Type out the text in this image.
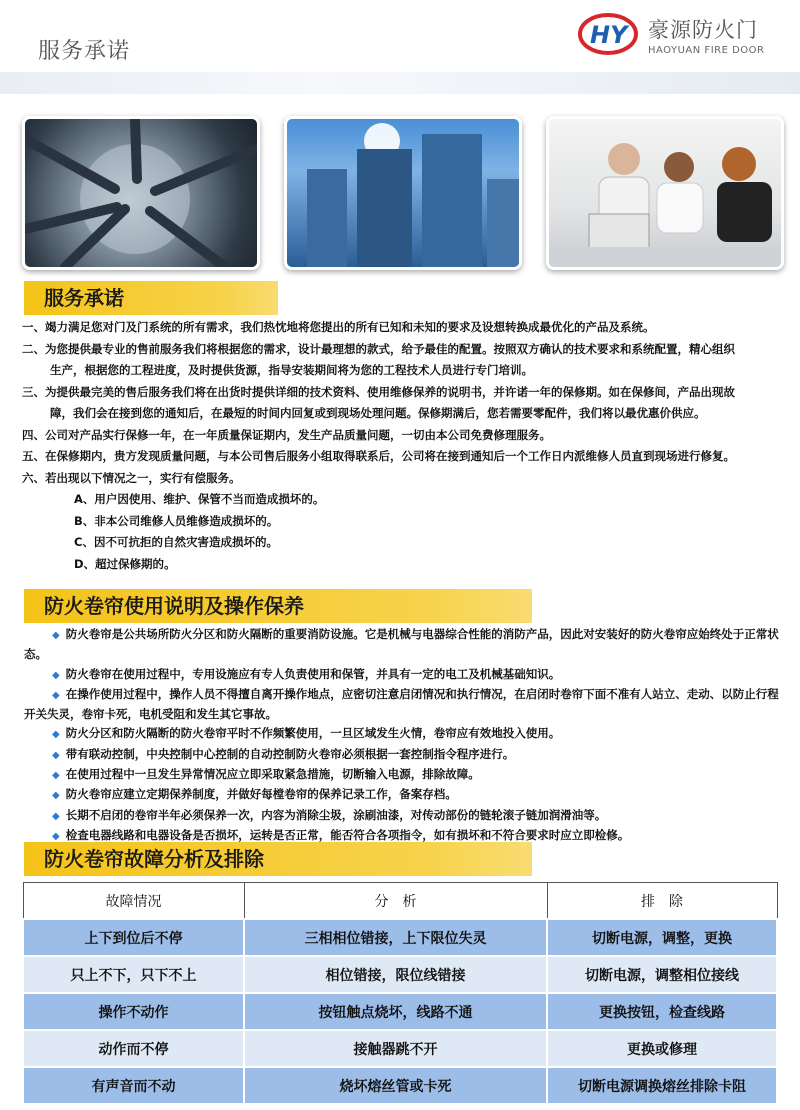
服务承诺
HY 豪源防火门
HAOYUAN FIRE DOOR
服务承诺

一、竭力满足您对门及门系统的所有需求，我们热忱地将您提出的所有已知和未知的要求及设想转换成最优化的产品及系统。

二、为您提供最专业的售前服务我们将根据您的需求，设计最理想的款式，给予最佳的配置。按照双方确认的技术要求和系统配置，精心组织

生产，根据您的工程进度，及时提供货源，指导安装期间将为您的工程技术人员进行专门培训。

三、为提供最完美的售后服务我们将在出货时提供详细的技术资料、使用维修保养的说明书，并许诺一年的保修期。如在保修间，产品出现故

障，我们会在接到您的通知后，在最短的时间内回复或到现场处理问题。保修期满后，您若需要零配件，我们将以最优惠价供应。

四、公司对产品实行保修一年，在一年质量保证期内，发生产品质量问题，一切由本公司免费修理服务。

五、在保修期内，贵方发现质量问题，与本公司售后服务小组取得联系后，公司将在接到通知后一个工作日内派维修人员直到现场进行修复。

六、若出现以下情况之一，实行有偿服务。

A、用户因使用、维护、保管不当而造成损坏的。

B、非本公司维修人员维修造成损坏的。

C、因不可抗拒的自然灾害造成损坏的。

D、超过保修期的。

防火卷帘使用说明及操作保养

◆ 防火卷帘是公共场所防火分区和防火隔断的重要消防设施。它是机械与电器综合性能的消防产品，因此对安装好的防火卷帘应始终处于正常状态。

◆ 防火卷帘在使用过程中，专用设施应有专人负责使用和保管，并具有一定的电工及机械基础知识。

◆ 在操作使用过程中，操作人员不得擅自离开操作地点，应密切注意启闭情况和执行情况，在启闭时卷帘下面不准有人站立、走动、以防止行程开关失灵，卷帘卡死，电机受阻和发生其它事故。

◆ 防火分区和防火隔断的防火卷帘平时不作频繁使用，一旦区域发生火情，卷帘应有效地投入使用。

◆ 带有联动控制，中央控制中心控制的自动控制防火卷帘必须根据一套控制指令程序进行。

◆ 在使用过程中一旦发生异常情况应立即采取紧急措施，切断输入电源，排除故障。

◆ 防火卷帘应建立定期保养制度，并做好每樘卷帘的保养记录工作，备案存档。

◆ 长期不启闭的卷帘半年必须保养一次，内容为消除尘圾，涂刷油漆，对传动部份的链轮滚子链加润滑油等。

◆ 检查电器线路和电器设备是否损坏，运转是否正常，能否符合各项指令，如有损坏和不符合要求时应立即检修。

防火卷帘故障分析及排除
故障情况	分　析	排　除
上下到位后不停	三相相位错接，上下限位失灵	切断电源，调整，更换
只上不下，只下不上	相位错接，限位线错接	切断电源，调整相位接线
操作不动作	按钮触点烧坏，线路不通	更换按钮，检查线路
动作而不停	接触器跳不开	更换或修理
有声音而不动	烧坏熔丝管或卡死	切断电源调换熔丝排除卡阻
